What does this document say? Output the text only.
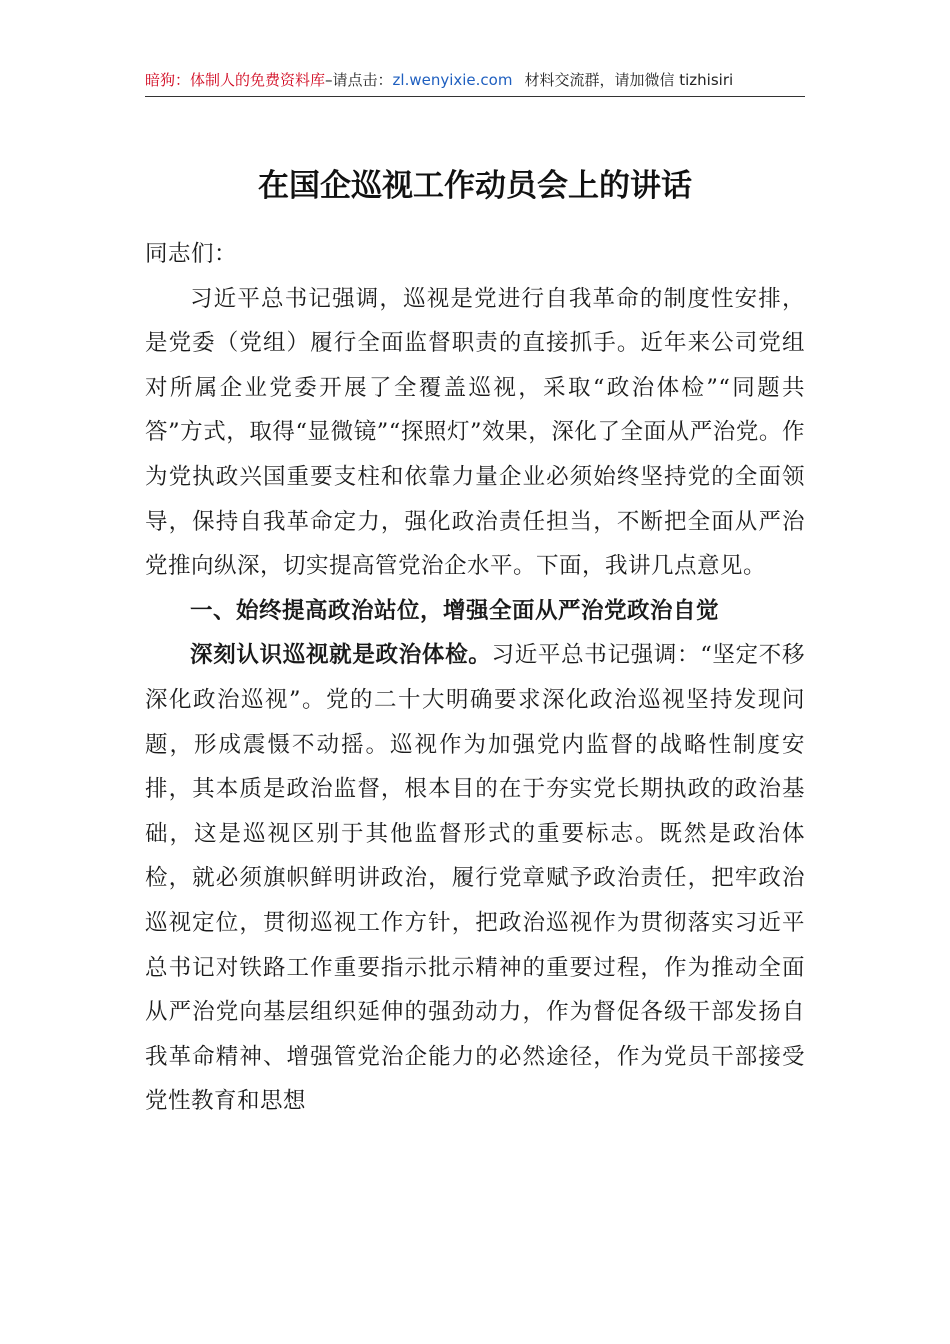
暗狗：体制人的免费资料库–请点击：zl.wenyixie.com 材料交流群，请加微信 tizhisiri
在国企巡视工作动员会上的讲话

同志们：

习近平总书记强调，巡视是党进行自我革命的制度性安排，是党委（党组）履行全面监督职责的直接抓手。近年来公司党组对所属企业党委开展了全覆盖巡视，采取“政治体检”“同题共答”方式，取得“显微镜”“探照灯”效果，深化了全面从严治党。作为党执政兴国重要支柱和依靠力量企业必须始终坚持党的全面领导，保持自我革命定力，强化政治责任担当，不断把全面从严治党推向纵深，切实提高管党治企水平。下面，我讲几点意见。

一、始终提高政治站位，增强全面从严治党政治自觉

深刻认识巡视就是政治体检。习近平总书记强调：“坚定不移深化政治巡视”。党的二十大明确要求深化政治巡视坚持发现问题，形成震慑不动摇。巡视作为加强党内监督的战略性制度安排，其本质是政治监督，根本目的在于夯实党长期执政的政治基础，这是巡视区别于其他监督形式的重要标志。既然是政治体检，就必须旗帜鲜明讲政治，履行党章赋予政治责任，把牢政治巡视定位，贯彻巡视工作方针，把政治巡视作为贯彻落实习近平总书记对铁路工作重要指示批示精神的重要过程，作为推动全面从严治党向基层组织延伸的强劲动力，作为督促各级干部发扬自我革命精神、增强管党治企能力的必然途径，作为党员干部接受党性教育和思想
